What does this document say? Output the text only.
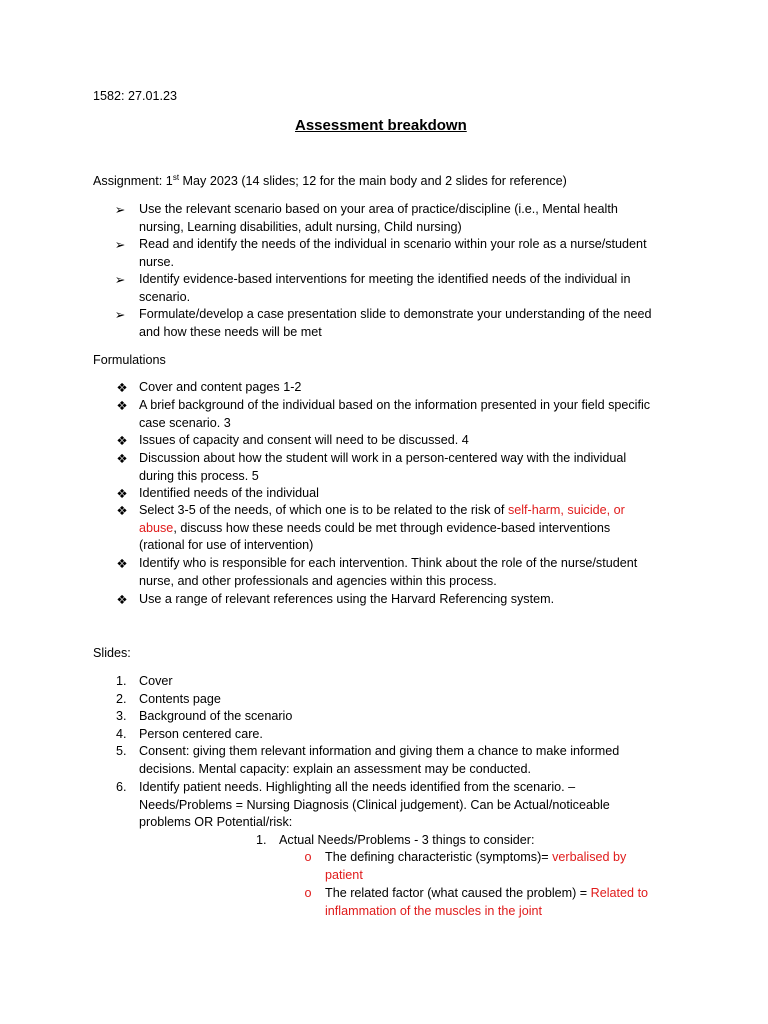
1582: 27.01.23
Assessment breakdown
Assignment: 1st May 2023 (14 slides; 12 for the main body and 2 slides for reference)
➢ Use the relevant scenario based on your area of practice/discipline (i.e., Mental health
nursing, Learning disabilities, adult nursing, Child nursing)
➢ Read and identify the needs of the individual in scenario within your role as a nurse/student
nurse.
➢ Identify evidence-based interventions for meeting the identified needs of the individual in
scenario.
➢ Formulate/develop a case presentation slide to demonstrate your understanding of the need
and how these needs will be met
Formulations
❖ Cover and content pages 1-2
❖ A brief background of the individual based on the information presented in your field specific
case scenario. 3
❖ Issues of capacity and consent will need to be discussed. 4
❖ Discussion about how the student will work in a person-centered way with the individual
during this process. 5
❖ Identified needs of the individual
❖ Select 3-5 of the needs, of which one is to be related to the risk of self-harm, suicide, or
abuse, discuss how these needs could be met through evidence-based interventions
(rational for use of intervention)
❖ Identify who is responsible for each intervention. Think about the role of the nurse/student
nurse, and other professionals and agencies within this process.
❖ Use a range of relevant references using the Harvard Referencing system.
Slides:
1. Cover
2. Contents page
3. Background of the scenario
4. Person centered care.
5. Consent: giving them relevant information and giving them a chance to make informed
decisions. Mental capacity: explain an assessment may be conducted.
6. Identify patient needs. Highlighting all the needs identified from the scenario. –
Needs/Problems = Nursing Diagnosis (Clinical judgement). Can be Actual/noticeable
problems OR Potential/risk:
1. Actual Needs/Problems - 3 things to consider:
o The defining characteristic (symptoms)= verbalised by
patient
o The related factor (what caused the problem) = Related to
inflammation of the muscles in the joint
